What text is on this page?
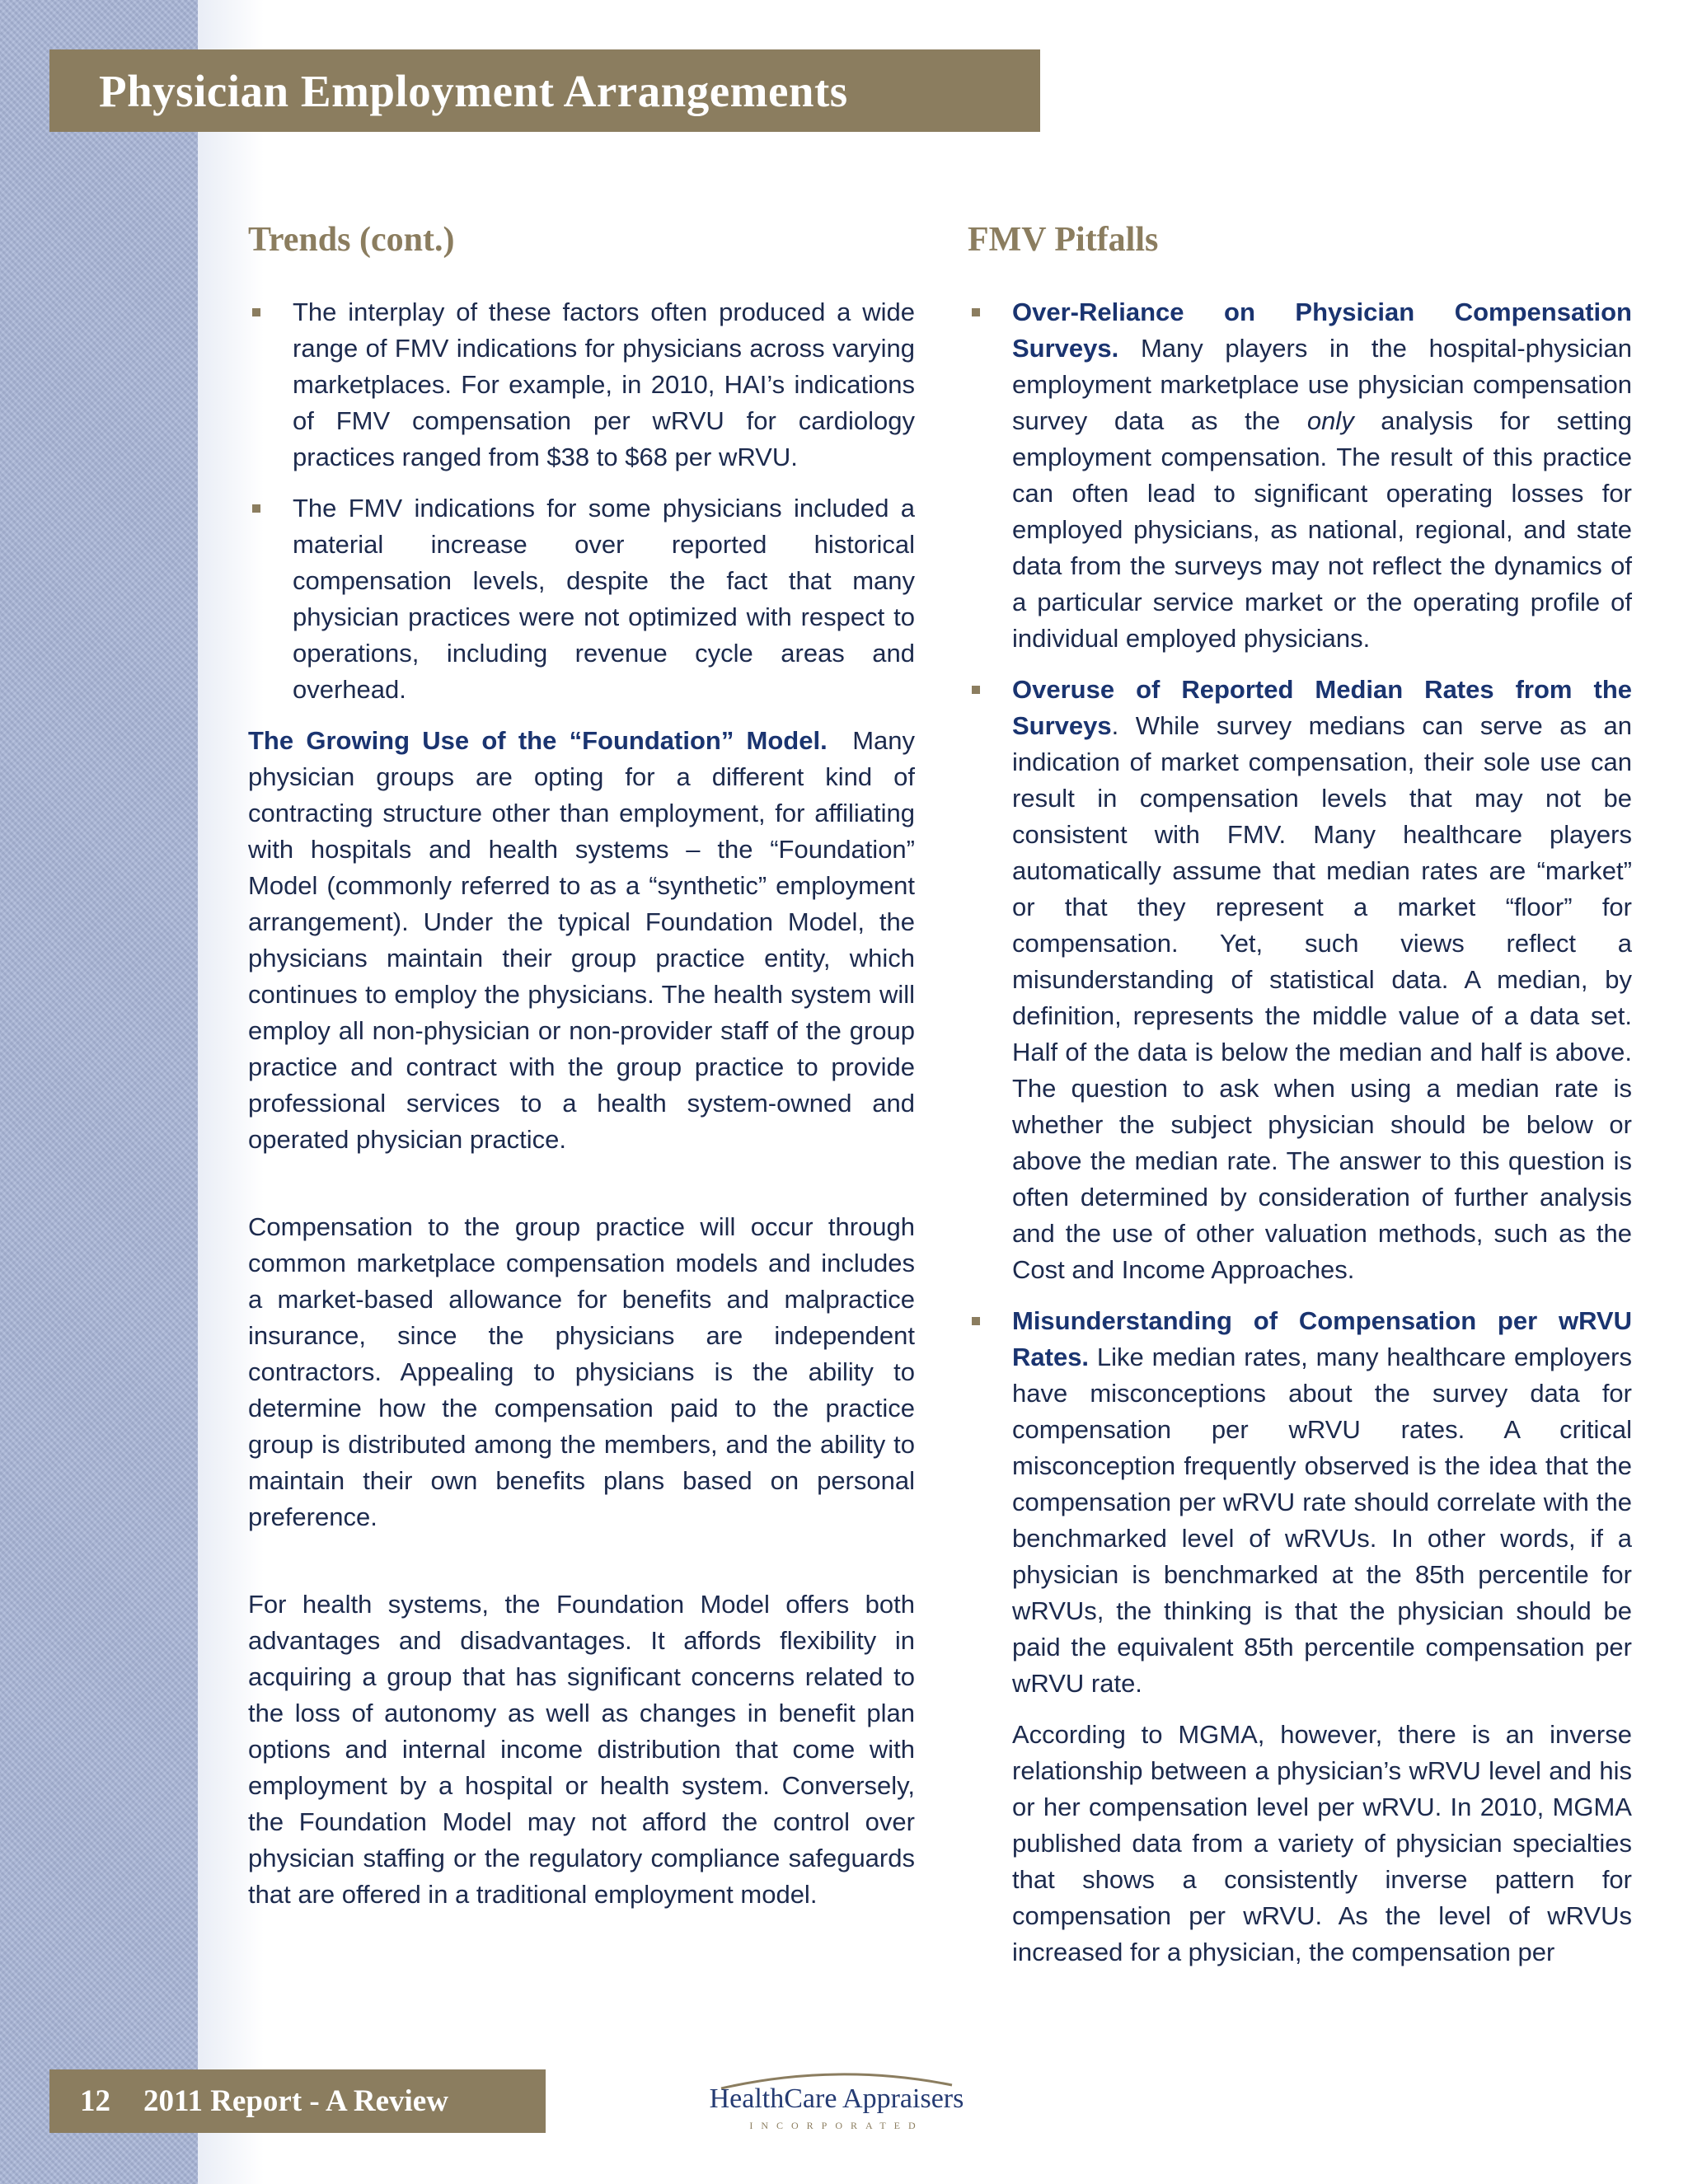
Physician Employment Arrangements
Trends (cont.)

The interplay of these factors often produced a wide range of FMV indications for physicians across varying marketplaces. For example, in 2010, HAI’s indications of FMV compensation per wRVU for cardiology practices ranged from $38 to $68 per wRVU.

The FMV indications for some physicians included a material increase over reported historical compensation levels, despite the fact that many physician practices were not optimized with respect to operations, including revenue cycle areas and overhead.

The Growing Use of the “Foundation” Model. Many physician groups are opting for a different kind of contracting structure other than employment, for affiliating with hospitals and health systems – the “Foundation” Model (commonly referred to as a “synthetic” employment arrangement). Under the typical Foundation Model, the physicians maintain their group practice entity, which continues to employ the physicians. The health system will employ all non-physician or non-provider staff of the group practice and contract with the group practice to provide professional services to a health system-owned and operated physician practice.

Compensation to the group practice will occur through common marketplace compensation models and includes a market-based allowance for benefits and malpractice insurance, since the physicians are independent contractors. Appealing to physicians is the ability to determine how the compensation paid to the practice group is distributed among the members, and the ability to maintain their own benefits plans based on personal preference.

For health systems, the Foundation Model offers both advantages and disadvantages. It affords flexibility in acquiring a group that has significant concerns related to the loss of autonomy as well as changes in benefit plan options and internal income distribution that come with employment by a hospital or health system. Conversely, the Foundation Model may not afford the control over physician staffing or the regulatory compliance safeguards that are offered in a traditional employment model.

FMV Pitfalls

Over-Reliance on Physician Compensation Surveys. Many players in the hospital-physician employment marketplace use physician compensation survey data as the only analysis for setting employment compensation. The result of this practice can often lead to significant operating losses for employed physicians, as national, regional, and state data from the surveys may not reflect the dynamics of a particular service market or the operating profile of individual employed physicians.

Overuse of Reported Median Rates from the Surveys. While survey medians can serve as an indication of market compensation, their sole use can result in compensation levels that may not be consistent with FMV. Many healthcare players automatically assume that median rates are “market” or that they represent a market “floor” for compensation. Yet, such views reflect a misunderstanding of statistical data. A median, by definition, represents the middle value of a data set. Half of the data is below the median and half is above. The question to ask when using a median rate is whether the subject physician should be below or above the median rate. The answer to this question is often determined by consideration of further analysis and the use of other valuation methods, such as the Cost and Income Approaches.

Misunderstanding of Compensation per wRVU Rates. Like median rates, many healthcare employers have misconceptions about the survey data for compensation per wRVU rates. A critical misconception frequently observed is the idea that the compensation per wRVU rate should correlate with the benchmarked level of wRVUs. In other words, if a physician is benchmarked at the 85th percentile for wRVUs, the thinking is that the physician should be paid the equivalent 85th percentile compensation per wRVU rate.

According to MGMA, however, there is an inverse relationship between a physician’s wRVU level and his or her compensation level per wRVU. In 2010, MGMA published data from a variety of physician specialties that shows a consistently inverse pattern for compensation per wRVU. As the level of wRVUs increased for a physician, the compensation per

12 2011 Report - A Review	HealthCare Appraisers
INCORPORATED
